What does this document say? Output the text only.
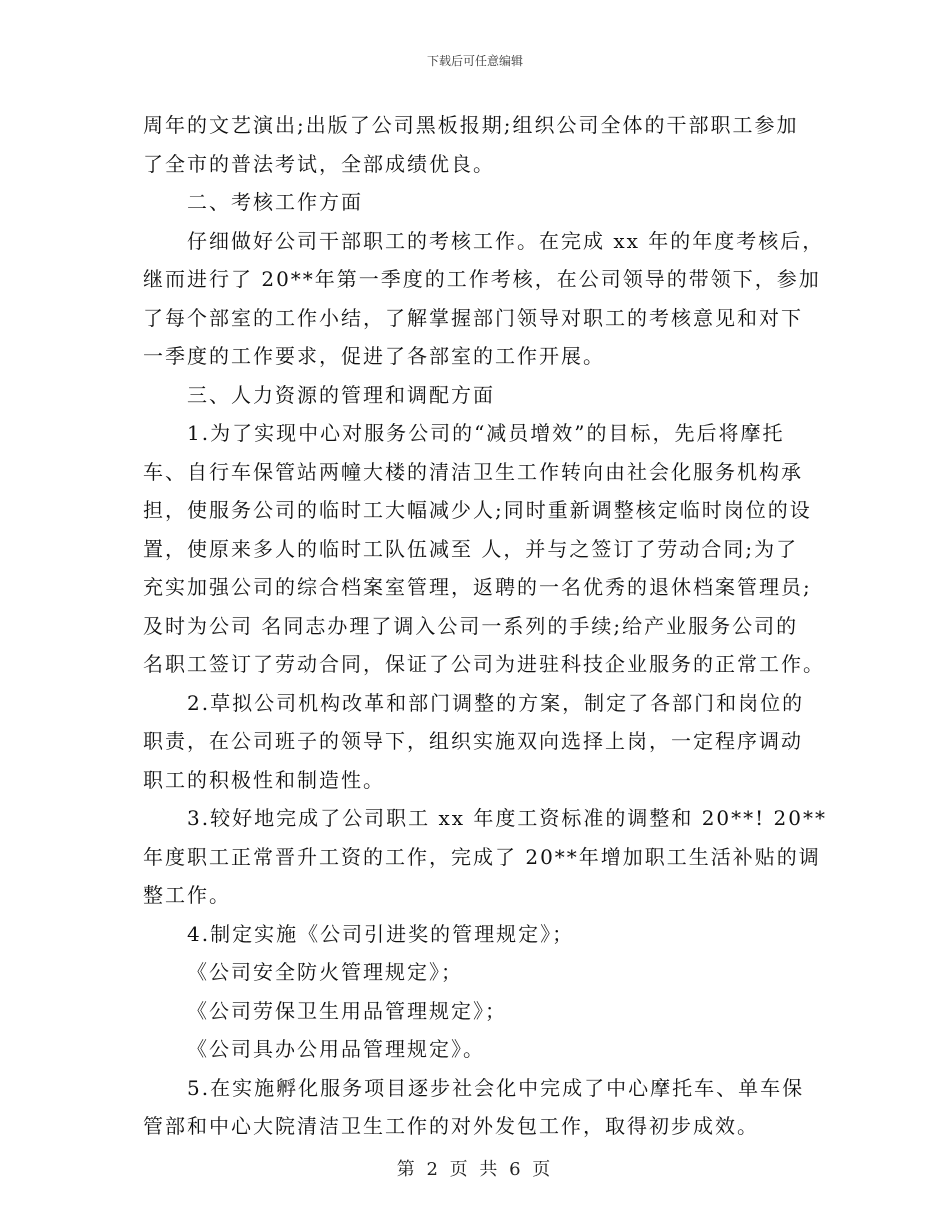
下载后可任意编辑
周年的文艺演出;出版了公司黑板报期;组织公司全体的干部职工参加
了全市的普法考试，全部成绩优良。
二、考核工作方面
仔细做好公司干部职工的考核工作。在完成 xx 年的年度考核后，
继而进行了 20**年第一季度的工作考核，在公司领导的带领下，参加
了每个部室的工作小结，了解掌握部门领导对职工的考核意见和对下
一季度的工作要求，促进了各部室的工作开展。
三、人力资源的管理和调配方面
1.为了实现中心对服务公司的“减员增效”的目标，先后将摩托
车、自行车保管站两幢大楼的清洁卫生工作转向由社会化服务机构承
担，使服务公司的临时工大幅减少人;同时重新调整核定临时岗位的设
置，使原来多人的临时工队伍减至 人，并与之签订了劳动合同;为了
充实加强公司的综合档案室管理，返聘的一名优秀的退休档案管理员;
及时为公司 名同志办理了调入公司一系列的手续;给产业服务公司的
名职工签订了劳动合同，保证了公司为进驻科技企业服务的正常工作。
2.草拟公司机构改革和部门调整的方案，制定了各部门和岗位的
职责，在公司班子的领导下，组织实施双向选择上岗，一定程序调动
职工的积极性和制造性。
3.较好地完成了公司职工 xx 年度工资标准的调整和 20**! 20**
年度职工正常晋升工资的工作，完成了 20**年增加职工生活补贴的调
整工作。
4.制定实施《公司引进奖的管理规定》；
《公司安全防火管理规定》；
《公司劳保卫生用品管理规定》；
《公司具办公用品管理规定》。
5.在实施孵化服务项目逐步社会化中完成了中心摩托车、单车保
管部和中心大院清洁卫生工作的对外发包工作，取得初步成效。
第 2 页 共 6 页
